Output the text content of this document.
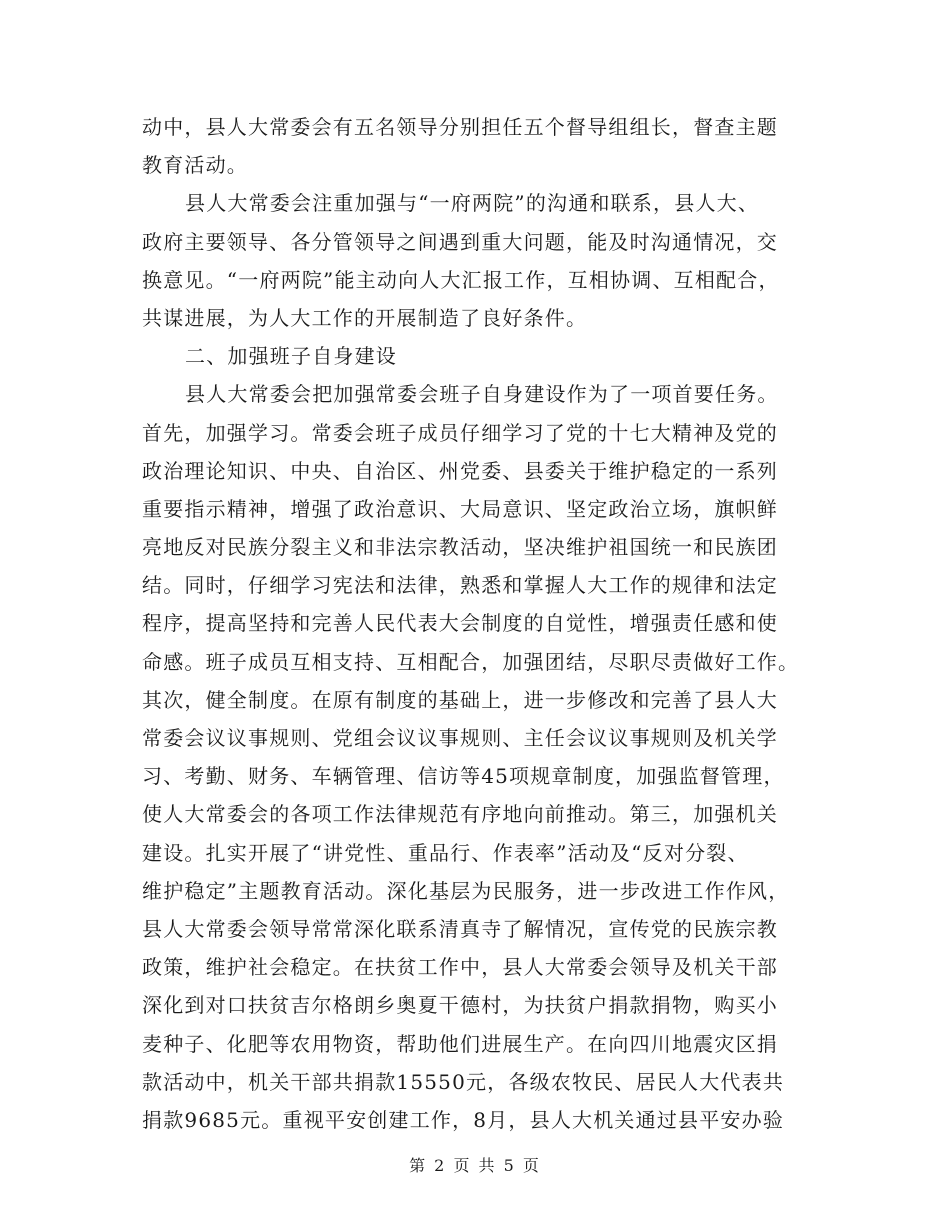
动中，县人大常委会有五名领导分别担任五个督导组组长，督查主题
教育活动。
县人大常委会注重加强与“一府两院”的沟通和联系，县人大、
政府主要领导、各分管领导之间遇到重大问题，能及时沟通情况，交
换意见。“一府两院”能主动向人大汇报工作，互相协调、互相配合，
共谋进展，为人大工作的开展制造了良好条件。
二、加强班子自身建设
县人大常委会把加强常委会班子自身建设作为了一项首要任务。
首先，加强学习。常委会班子成员仔细学习了党的十七大精神及党的
政治理论知识、中央、自治区、州党委、县委关于维护稳定的一系列
重要指示精神，增强了政治意识、大局意识、坚定政治立场，旗帜鲜
亮地反对民族分裂主义和非法宗教活动，坚决维护祖国统一和民族团
结。同时，仔细学习宪法和法律，熟悉和掌握人大工作的规律和法定
程序，提高坚持和完善人民代表大会制度的自觉性，增强责任感和使
命感。班子成员互相支持、互相配合，加强团结，尽职尽责做好工作。
其次，健全制度。在原有制度的基础上，进一步修改和完善了县人大
常委会议议事规则、党组会议议事规则、主任会议议事规则及机关学
习、考勤、财务、车辆管理、信访等45项规章制度，加强监督管理，
使人大常委会的各项工作法律规范有序地向前推动。第三，加强机关
建设。扎实开展了“讲党性、重品行、作表率”活动及“反对分裂、
维护稳定”主题教育活动。深化基层为民服务，进一步改进工作作风，
县人大常委会领导常常深化联系清真寺了解情况，宣传党的民族宗教
政策，维护社会稳定。在扶贫工作中，县人大常委会领导及机关干部
深化到对口扶贫吉尔格朗乡奥夏干德村，为扶贫户捐款捐物，购买小
麦种子、化肥等农用物资，帮助他们进展生产。在向四川地震灾区捐
款活动中，机关干部共捐款15550元，各级农牧民、居民人大代表共
捐款9685元。重视平安创建工作，8月，县人大机关通过县平安办验
第 2 页 共 5 页
